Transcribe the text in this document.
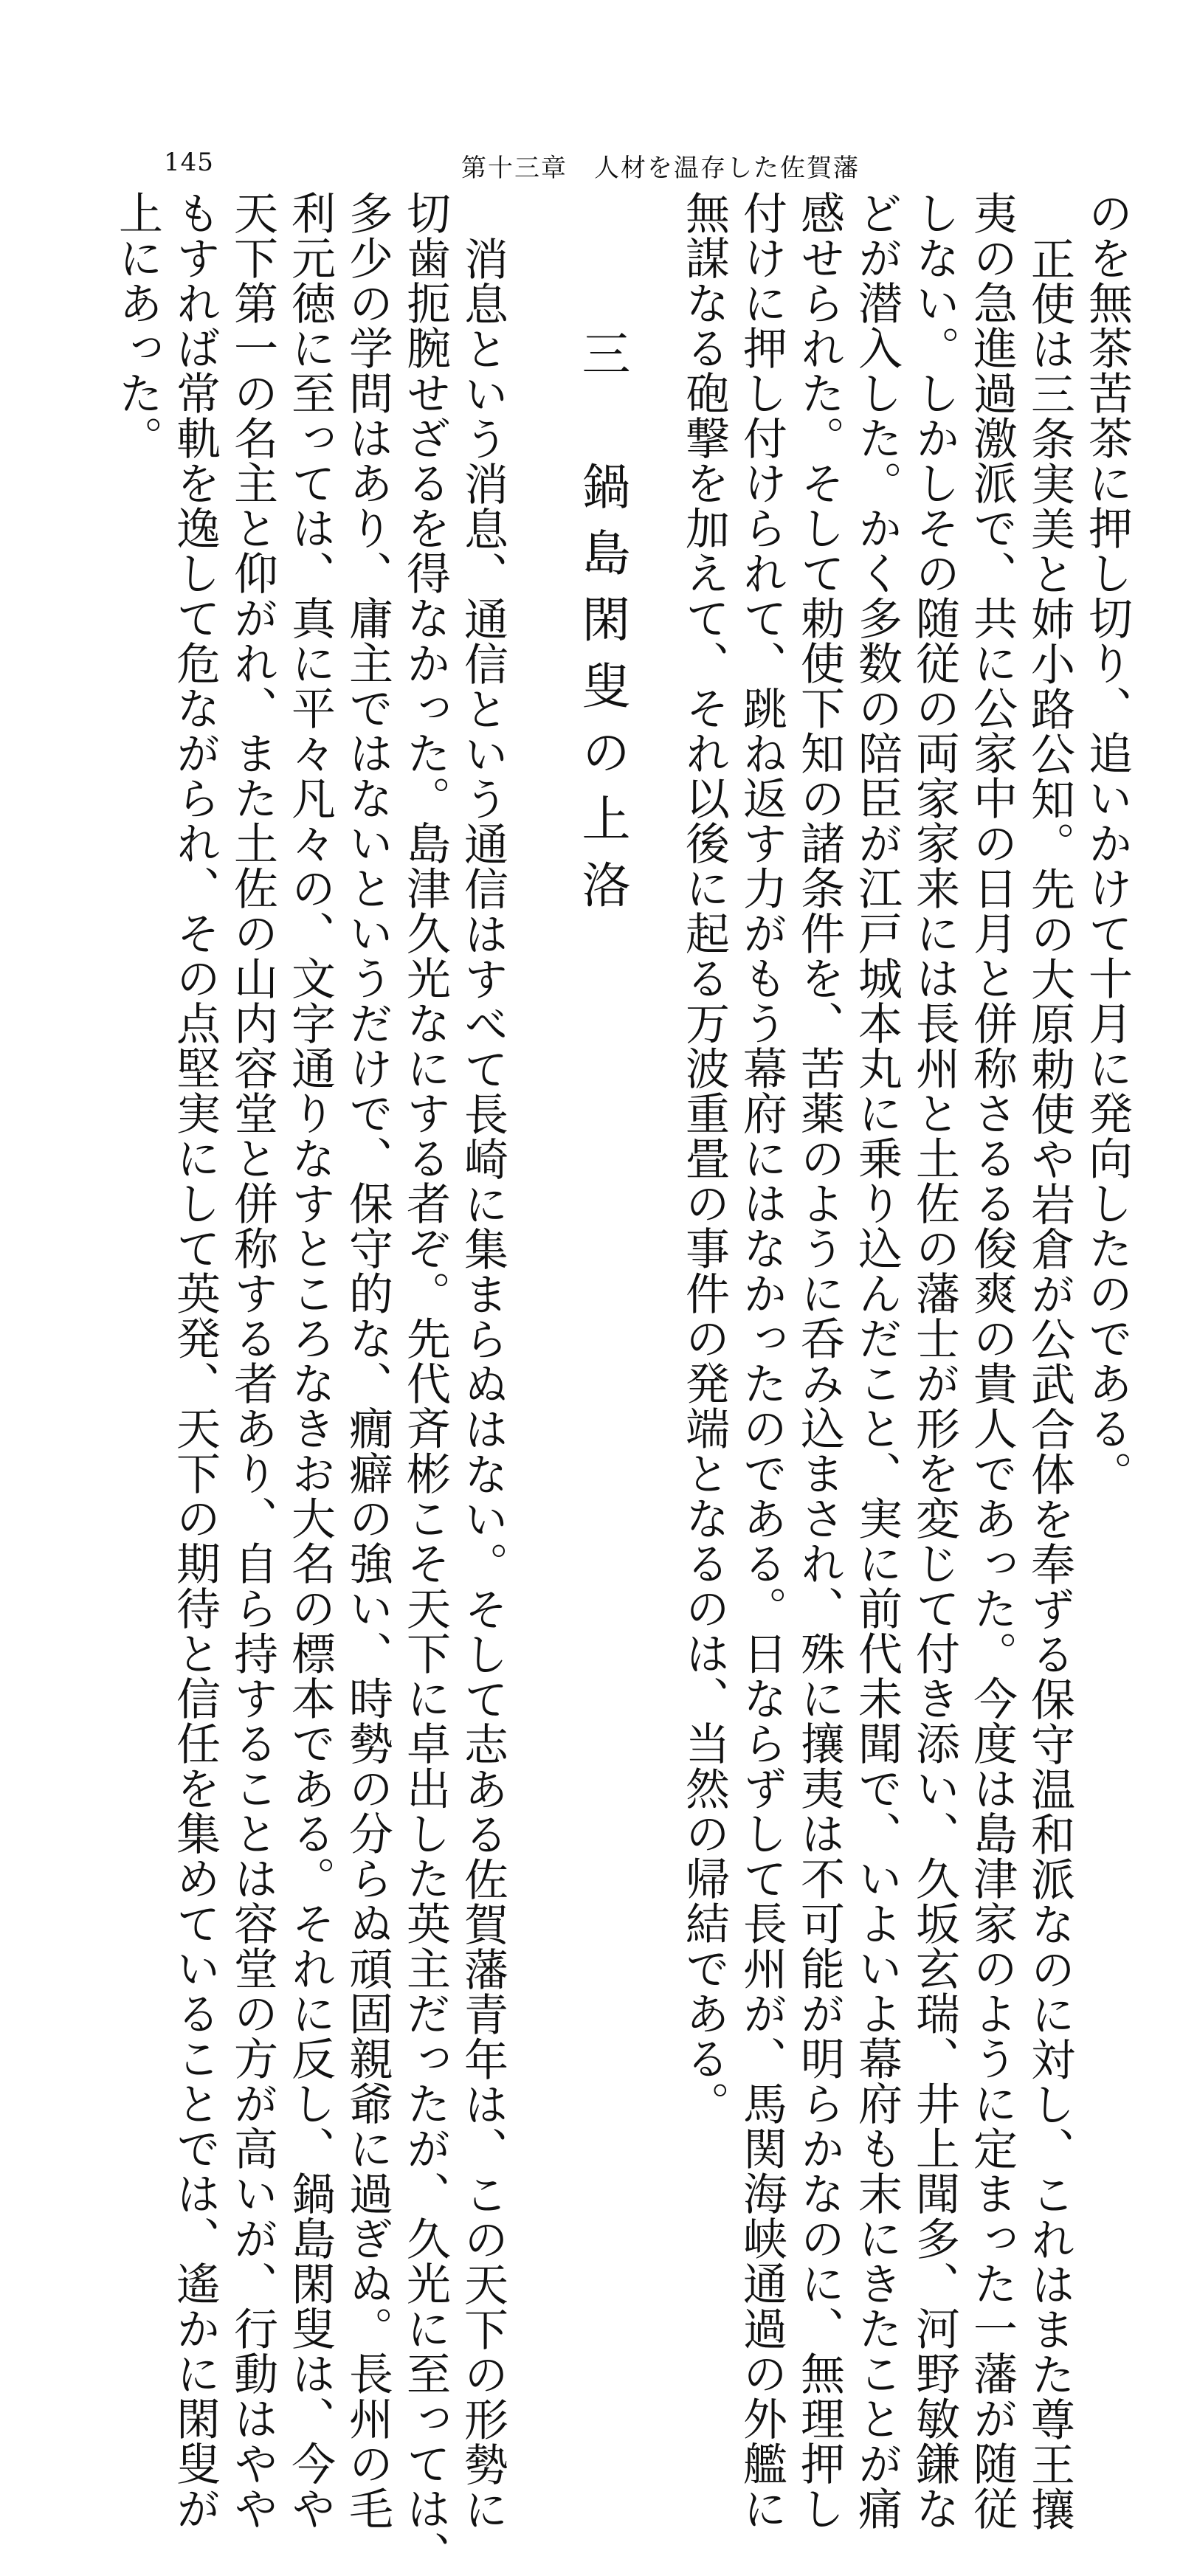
145	第十三章　人材を温存した佐賀藩
のを無茶苦茶に押し切り、追いかけて十月に発向したのである。
正使は三条実美と姉小路公知。先の大原勅使や岩倉が公武合体を奉ずる保守温和派なのに対し、これはまた尊王攘
夷の急進過激派で、共に公家中の日月と併称さるる俊爽の貴人であった。今度は島津家のように定まった一藩が随従
しない。しかしその随従の両家家来には長州と土佐の藩士が形を変じて付き添い、久坂玄瑞、井上聞多、河野敏鎌な
どが潜入した。かく多数の陪臣が江戸城本丸に乗り込んだこと、実に前代未聞で、いよいよ幕府も末にきたことが痛
感せられた。そして勅使下知の諸条件を、苦薬のように呑み込まされ、殊に攘夷は不可能が明らかなのに、無理押し
付けに押し付けられて、跳ね返す力がもう幕府にはなかったのである。日ならずして長州が、馬関海峡通過の外艦に
無謀なる砲撃を加えて、それ以後に起る万波重畳の事件の発端となるのは、当然の帰結である。
三　鍋島閑叟の上洛
消息という消息、通信という通信はすべて長崎に集まらぬはない。そして志ある佐賀藩青年は、この天下の形勢に
切歯扼腕せざるを得なかった。島津久光なにする者ぞ。先代斉彬こそ天下に卓出した英主だったが、久光に至っては、
多少の学問はあり、庸主ではないというだけで、保守的な、癇癖の強い、時勢の分らぬ頑固親爺に過ぎぬ。長州の毛
利元徳に至っては、真に平々凡々の、文字通りなすところなきお大名の標本である。それに反し、鍋島閑叟は、今や
天下第一の名主と仰がれ、また土佐の山内容堂と併称する者あり、自ら持することは容堂の方が高いが、行動はやや
もすれば常軌を逸して危ながられ、その点堅実にして英発、天下の期待と信任を集めていることでは、遙かに閑叟が
上にあった。
